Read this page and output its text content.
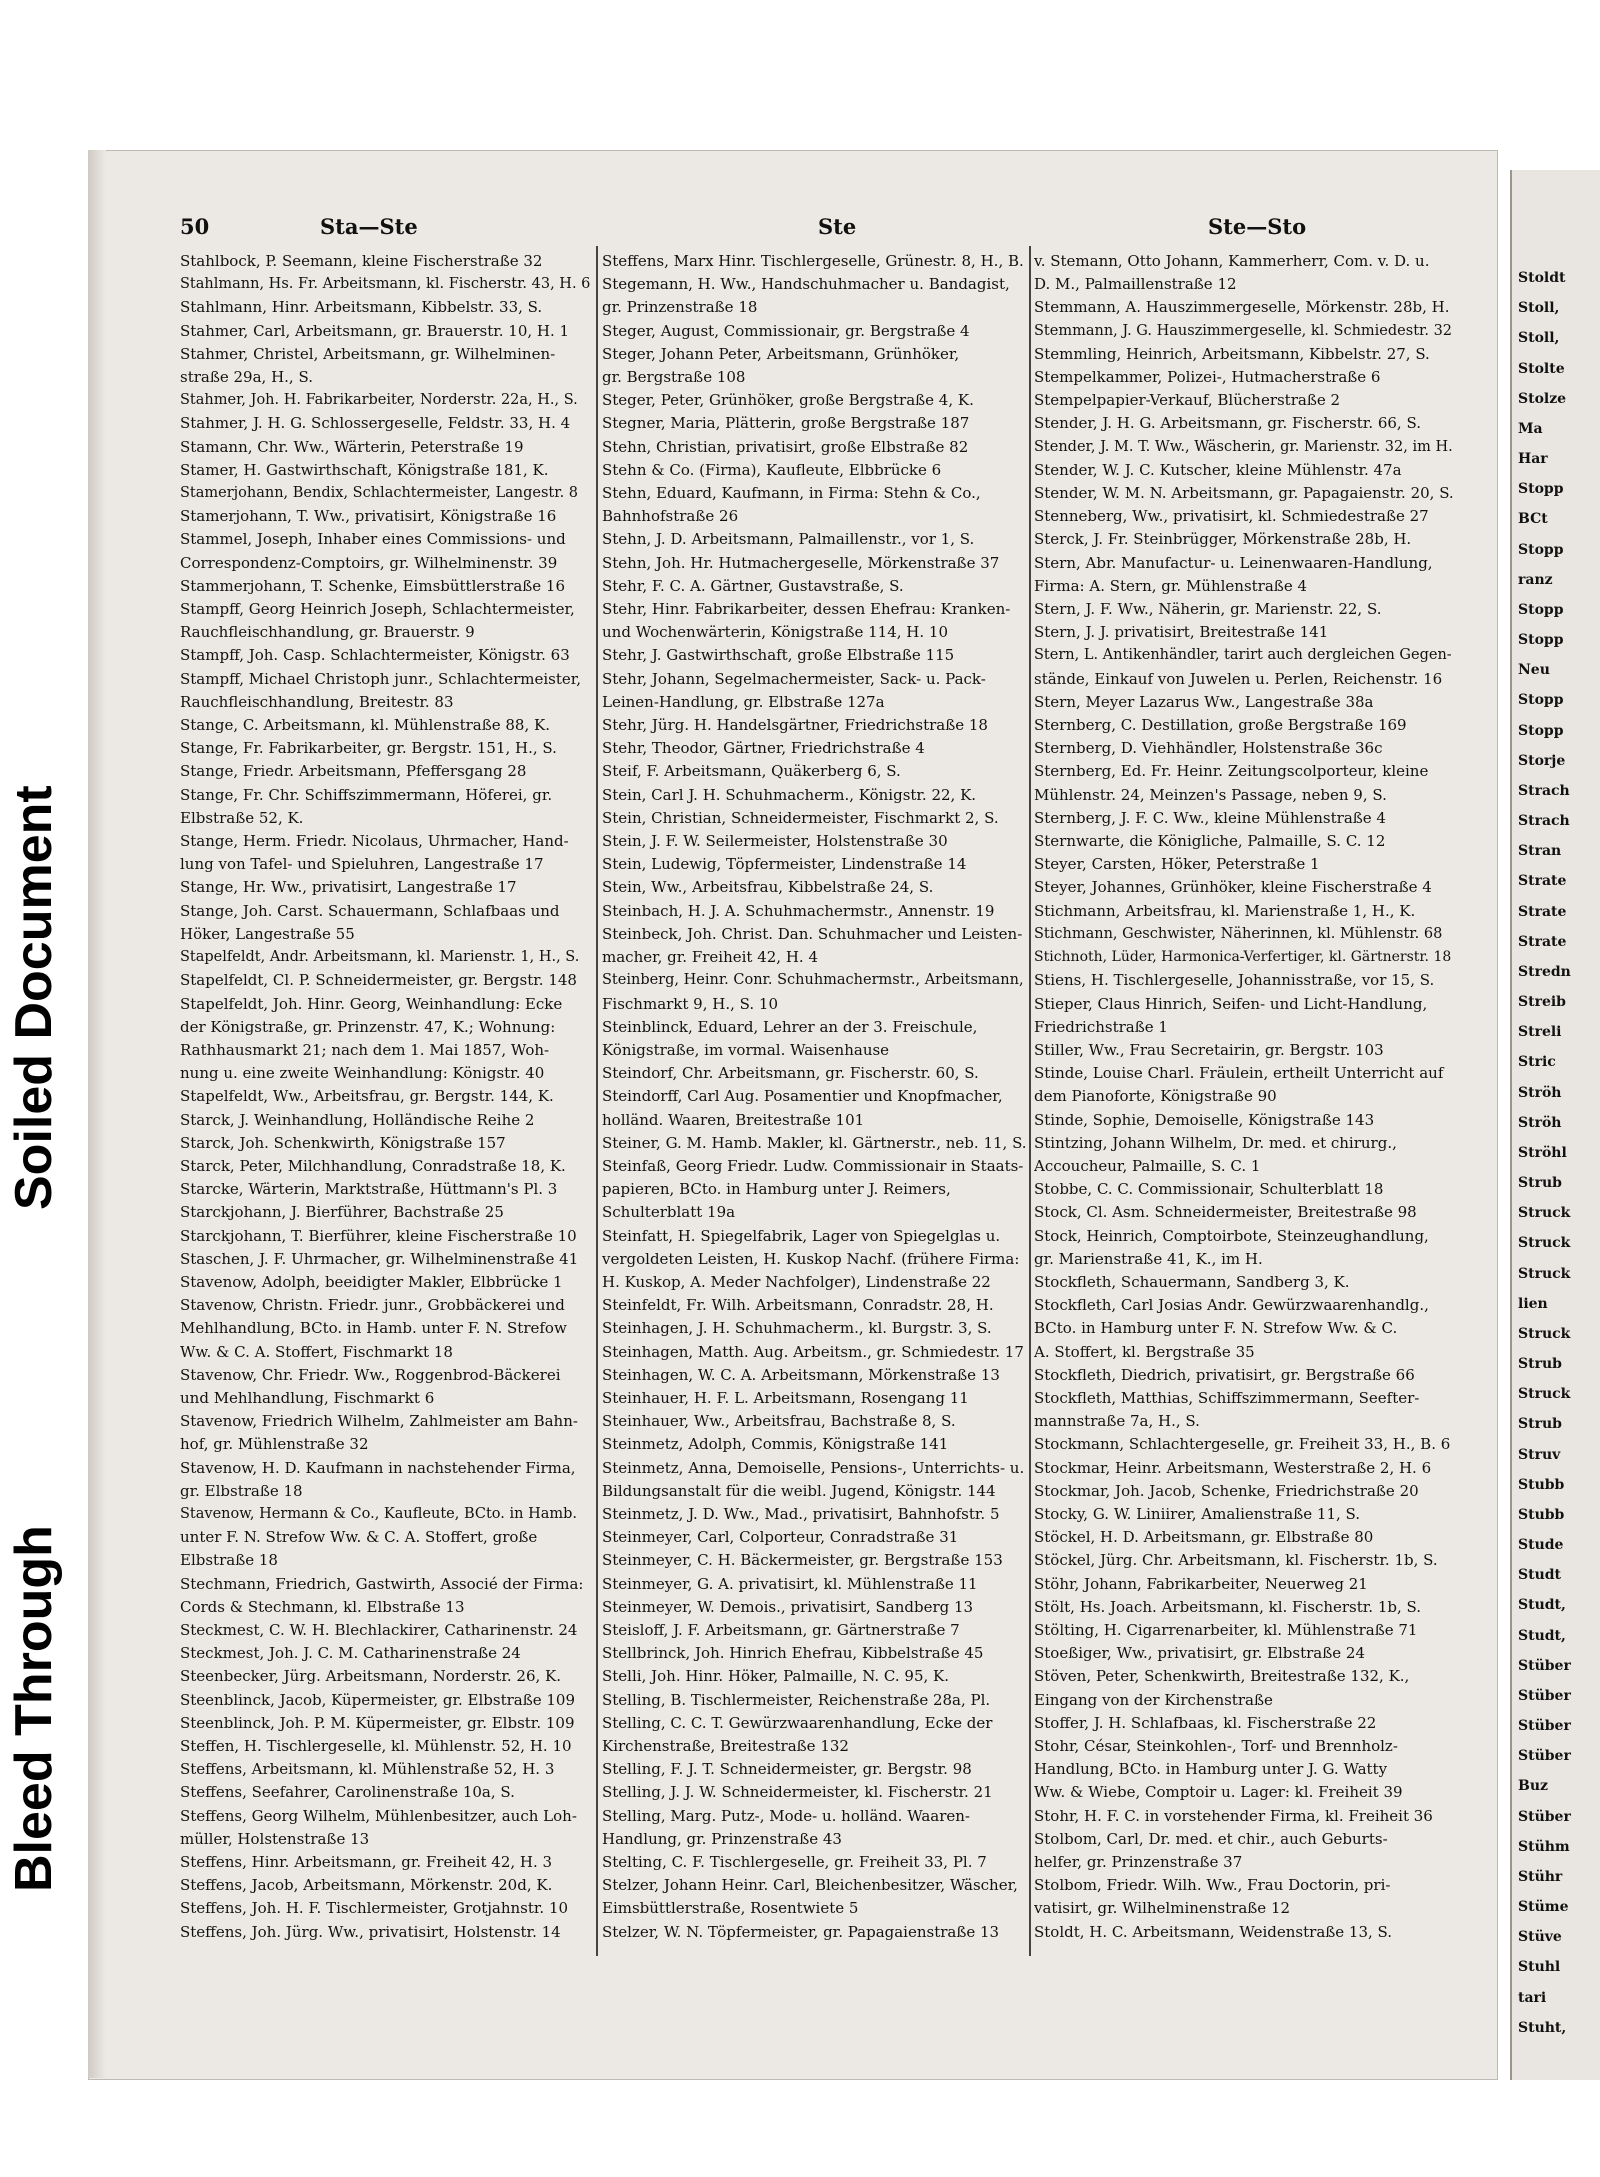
Stoldt
Stoll,
Stoll,
Stolte
Stolze
Ma
Har
Stopp
BCt
Stopp
ranz
Stopp
Stopp
Neu
Stopp
Stopp
Storje
Strach
Strach
Stran
Strate
Strate
Strate
Stredn
Streib
Streli
Stric
Ströh
Ströh
Ströhl
Strub
Struck
Struck
Struck
lien
Struck
Strub
Struck
Strub
Struv
Stubb
Stubb
Stude
Studt
Studt,
Studt,
Stüber
Stüber
Stüber
Stüber
Buz
Stüber
Stühm
Stühr
Stüme
Stüve
Stuhl
tari
Stuht,
Soiled Document
Bleed Through
50	Sta—Ste	Ste	Ste—Sto

Stahlbock, P. Seemann, kleine Fischerstraße 32

Stahlmann, Hs. Fr. Arbeitsmann, kl. Fischerstr. 43, H. 6

Stahlmann, Hinr. Arbeitsmann, Kibbelstr. 33, S.

Stahmer, Carl, Arbeitsmann, gr. Brauerstr. 10, H. 1

Stahmer, Christel, Arbeitsmann, gr. Wilhelminen-

straße 29a, H., S.

Stahmer, Joh. H. Fabrikarbeiter, Norderstr. 22a, H., S.

Stahmer, J. H. G. Schlossergeselle, Feldstr. 33, H. 4

Stamann, Chr. Ww., Wärterin, Peterstraße 19

Stamer, H. Gastwirthschaft, Königstraße 181, K.

Stamerjohann, Bendix, Schlachtermeister, Langestr. 8

Stamerjohann, T. Ww., privatisirt, Königstraße 16

Stammel, Joseph, Inhaber eines Commissions- und

Correspondenz-Comptoirs, gr. Wilhelminenstr. 39

Stammerjohann, T. Schenke, Eimsbüttlerstraße 16

Stampff, Georg Heinrich Joseph, Schlachtermeister,

Rauchfleischhandlung, gr. Brauerstr. 9

Stampff, Joh. Casp. Schlachtermeister, Königstr. 63

Stampff, Michael Christoph junr., Schlachtermeister,

Rauchfleischhandlung, Breitestr. 83

Stange, C. Arbeitsmann, kl. Mühlenstraße 88, K.

Stange, Fr. Fabrikarbeiter, gr. Bergstr. 151, H., S.

Stange, Friedr. Arbeitsmann, Pfeffersgang 28

Stange, Fr. Chr. Schiffszimmermann, Höferei, gr.

Elbstraße 52, K.

Stange, Herm. Friedr. Nicolaus, Uhrmacher, Hand-

lung von Tafel- und Spieluhren, Langestraße 17

Stange, Hr. Ww., privatisirt, Langestraße 17

Stange, Joh. Carst. Schauermann, Schlafbaas und

Höker, Langestraße 55

Stapelfeldt, Andr. Arbeitsmann, kl. Marienstr. 1, H., S.

Stapelfeldt, Cl. P. Schneidermeister, gr. Bergstr. 148

Stapelfeldt, Joh. Hinr. Georg, Weinhandlung: Ecke

der Königstraße, gr. Prinzenstr. 47, K.; Wohnung:

Rathhausmarkt 21; nach dem 1. Mai 1857, Woh-

nung u. eine zweite Weinhandlung: Königstr. 40

Stapelfeldt, Ww., Arbeitsfrau, gr. Bergstr. 144, K.

Starck, J. Weinhandlung, Holländische Reihe 2

Starck, Joh. Schenkwirth, Königstraße 157

Starck, Peter, Milchhandlung, Conradstraße 18, K.

Starcke, Wärterin, Marktstraße, Hüttmann's Pl. 3

Starckjohann, J. Bierführer, Bachstraße 25

Starckjohann, T. Bierführer, kleine Fischerstraße 10

Staschen, J. F. Uhrmacher, gr. Wilhelminenstraße 41

Stavenow, Adolph, beeidigter Makler, Elbbrücke 1

Stavenow, Christn. Friedr. junr., Grobbäckerei und

Mehlhandlung, BCto. in Hamb. unter F. N. Strefow

Ww. & C. A. Stoffert, Fischmarkt 18

Stavenow, Chr. Friedr. Ww., Roggenbrod-Bäckerei

und Mehlhandlung, Fischmarkt 6

Stavenow, Friedrich Wilhelm, Zahlmeister am Bahn-

hof, gr. Mühlenstraße 32

Stavenow, H. D. Kaufmann in nachstehender Firma,

gr. Elbstraße 18

Stavenow, Hermann & Co., Kaufleute, BCto. in Hamb.

unter F. N. Strefow Ww. & C. A. Stoffert, große

Elbstraße 18

Stechmann, Friedrich, Gastwirth, Associé der Firma:

Cords & Stechmann, kl. Elbstraße 13

Steckmest, C. W. H. Blechlackirer, Catharinenstr. 24

Steckmest, Joh. J. C. M. Catharinenstraße 24

Steenbecker, Jürg. Arbeitsmann, Norderstr. 26, K.

Steenblinck, Jacob, Küpermeister, gr. Elbstraße 109

Steenblinck, Joh. P. M. Küpermeister, gr. Elbstr. 109

Steffen, H. Tischlergeselle, kl. Mühlenstr. 52, H. 10

Steffens, Arbeitsmann, kl. Mühlenstraße 52, H. 3

Steffens, Seefahrer, Carolinenstraße 10a, S.

Steffens, Georg Wilhelm, Mühlenbesitzer, auch Loh-

müller, Holstenstraße 13

Steffens, Hinr. Arbeitsmann, gr. Freiheit 42, H. 3

Steffens, Jacob, Arbeitsmann, Mörkenstr. 20d, K.

Steffens, Joh. H. F. Tischlermeister, Grotjahnstr. 10

Steffens, Joh. Jürg. Ww., privatisirt, Holstenstr. 14

Steffens, Marx Hinr. Tischlergeselle, Grünestr. 8, H., B.

Stegemann, H. Ww., Handschuhmacher u. Bandagist,

gr. Prinzenstraße 18

Steger, August, Commissionair, gr. Bergstraße 4

Steger, Johann Peter, Arbeitsmann, Grünhöker,

gr. Bergstraße 108

Steger, Peter, Grünhöker, große Bergstraße 4, K.

Stegner, Maria, Plätterin, große Bergstraße 187

Stehn, Christian, privatisirt, große Elbstraße 82

Stehn & Co. (Firma), Kaufleute, Elbbrücke 6

Stehn, Eduard, Kaufmann, in Firma: Stehn & Co.,

Bahnhofstraße 26

Stehn, J. D. Arbeitsmann, Palmaillenstr., vor 1, S.

Stehn, Joh. Hr. Hutmachergeselle, Mörkenstraße 37

Stehr, F. C. A. Gärtner, Gustavstraße, S.

Stehr, Hinr. Fabrikarbeiter, dessen Ehefrau: Kranken-

und Wochenwärterin, Königstraße 114, H. 10

Stehr, J. Gastwirthschaft, große Elbstraße 115

Stehr, Johann, Segelmachermeister, Sack- u. Pack-

Leinen-Handlung, gr. Elbstraße 127a

Stehr, Jürg. H. Handelsgärtner, Friedrichstraße 18

Stehr, Theodor, Gärtner, Friedrichstraße 4

Steif, F. Arbeitsmann, Quäkerberg 6, S.

Stein, Carl J. H. Schuhmacherm., Königstr. 22, K.

Stein, Christian, Schneidermeister, Fischmarkt 2, S.

Stein, J. F. W. Seilermeister, Holstenstraße 30

Stein, Ludewig, Töpfermeister, Lindenstraße 14

Stein, Ww., Arbeitsfrau, Kibbelstraße 24, S.

Steinbach, H. J. A. Schuhmachermstr., Annenstr. 19

Steinbeck, Joh. Christ. Dan. Schuhmacher und Leisten-

macher, gr. Freiheit 42, H. 4

Steinberg, Heinr. Conr. Schuhmachermstr., Arbeitsmann,

Fischmarkt 9, H., S. 10

Steinblinck, Eduard, Lehrer an der 3. Freischule,

Königstraße, im vormal. Waisenhause

Steindorf, Chr. Arbeitsmann, gr. Fischerstr. 60, S.

Steindorff, Carl Aug. Posamentier und Knopfmacher,

holländ. Waaren, Breitestraße 101

Steiner, G. M. Hamb. Makler, kl. Gärtnerstr., neb. 11, S.

Steinfaß, Georg Friedr. Ludw. Commissionair in Staats-

papieren, BCto. in Hamburg unter J. Reimers,

Schulterblatt 19a

Steinfatt, H. Spiegelfabrik, Lager von Spiegelglas u.

vergoldeten Leisten, H. Kuskop Nachf. (frühere Firma:

H. Kuskop, A. Meder Nachfolger), Lindenstraße 22

Steinfeldt, Fr. Wilh. Arbeitsmann, Conradstr. 28, H.

Steinhagen, J. H. Schuhmacherm., kl. Burgstr. 3, S.

Steinhagen, Matth. Aug. Arbeitsm., gr. Schmiedestr. 17

Steinhagen, W. C. A. Arbeitsmann, Mörkenstraße 13

Steinhauer, H. F. L. Arbeitsmann, Rosengang 11

Steinhauer, Ww., Arbeitsfrau, Bachstraße 8, S.

Steinmetz, Adolph, Commis, Königstraße 141

Steinmetz, Anna, Demoiselle, Pensions-, Unterrichts- u.

Bildungsanstalt für die weibl. Jugend, Königstr. 144

Steinmetz, J. D. Ww., Mad., privatisirt, Bahnhofstr. 5

Steinmeyer, Carl, Colporteur, Conradstraße 31

Steinmeyer, C. H. Bäckermeister, gr. Bergstraße 153

Steinmeyer, G. A. privatisirt, kl. Mühlenstraße 11

Steinmeyer, W. Demois., privatisirt, Sandberg 13

Steisloff, J. F. Arbeitsmann, gr. Gärtnerstraße 7

Stellbrinck, Joh. Hinrich Ehefrau, Kibbelstraße 45

Stelli, Joh. Hinr. Höker, Palmaille, N. C. 95, K.

Stelling, B. Tischlermeister, Reichenstraße 28a, Pl.

Stelling, C. C. T. Gewürzwaarenhandlung, Ecke der

Kirchenstraße, Breitestraße 132

Stelling, F. J. T. Schneidermeister, gr. Bergstr. 98

Stelling, J. J. W. Schneidermeister, kl. Fischerstr. 21

Stelling, Marg. Putz-, Mode- u. holländ. Waaren-

Handlung, gr. Prinzenstraße 43

Stelting, C. F. Tischlergeselle, gr. Freiheit 33, Pl. 7

Stelzer, Johann Heinr. Carl, Bleichenbesitzer, Wäscher,

Eimsbüttlerstraße, Rosentwiete 5

Stelzer, W. N. Töpfermeister, gr. Papagaienstraße 13

v. Stemann, Otto Johann, Kammerherr, Com. v. D. u.

D. M., Palmaillenstraße 12

Stemmann, A. Hauszimmergeselle, Mörkenstr. 28b, H.

Stemmann, J. G. Hauszimmergeselle, kl. Schmiedestr. 32

Stemmling, Heinrich, Arbeitsmann, Kibbelstr. 27, S.

Stempelkammer, Polizei-, Hutmacherstraße 6

Stempelpapier-Verkauf, Blücherstraße 2

Stender, J. H. G. Arbeitsmann, gr. Fischerstr. 66, S.

Stender, J. M. T. Ww., Wäscherin, gr. Marienstr. 32, im H.

Stender, W. J. C. Kutscher, kleine Mühlenstr. 47a

Stender, W. M. N. Arbeitsmann, gr. Papagaienstr. 20, S.

Stenneberg, Ww., privatisirt, kl. Schmiedestraße 27

Sterck, J. Fr. Steinbrügger, Mörkenstraße 28b, H.

Stern, Abr. Manufactur- u. Leinenwaaren-Handlung,

Firma: A. Stern, gr. Mühlenstraße 4

Stern, J. F. Ww., Näherin, gr. Marienstr. 22, S.

Stern, J. J. privatisirt, Breitestraße 141

Stern, L. Antikenhändler, tarirt auch dergleichen Gegen-

stände, Einkauf von Juwelen u. Perlen, Reichenstr. 16

Stern, Meyer Lazarus Ww., Langestraße 38a

Sternberg, C. Destillation, große Bergstraße 169

Sternberg, D. Viehhändler, Holstenstraße 36c

Sternberg, Ed. Fr. Heinr. Zeitungscolporteur, kleine

Mühlenstr. 24, Meinzen's Passage, neben 9, S.

Sternberg, J. F. C. Ww., kleine Mühlenstraße 4

Sternwarte, die Königliche, Palmaille, S. C. 12

Steyer, Carsten, Höker, Peterstraße 1

Steyer, Johannes, Grünhöker, kleine Fischerstraße 4

Stichmann, Arbeitsfrau, kl. Marienstraße 1, H., K.

Stichmann, Geschwister, Näherinnen, kl. Mühlenstr. 68

Stichnoth, Lüder, Harmonica-Verfertiger, kl. Gärtnerstr. 18

Stiens, H. Tischlergeselle, Johannisstraße, vor 15, S.

Stieper, Claus Hinrich, Seifen- und Licht-Handlung,

Friedrichstraße 1

Stiller, Ww., Frau Secretairin, gr. Bergstr. 103

Stinde, Louise Charl. Fräulein, ertheilt Unterricht auf

dem Pianoforte, Königstraße 90

Stinde, Sophie, Demoiselle, Königstraße 143

Stintzing, Johann Wilhelm, Dr. med. et chirurg.,

Accoucheur, Palmaille, S. C. 1

Stobbe, C. C. Commissionair, Schulterblatt 18

Stock, Cl. Asm. Schneidermeister, Breitestraße 98

Stock, Heinrich, Comptoirbote, Steinzeughandlung,

gr. Marienstraße 41, K., im H.

Stockfleth, Schauermann, Sandberg 3, K.

Stockfleth, Carl Josias Andr. Gewürzwaarenhandlg.,

BCto. in Hamburg unter F. N. Strefow Ww. & C.

A. Stoffert, kl. Bergstraße 35

Stockfleth, Diedrich, privatisirt, gr. Bergstraße 66

Stockfleth, Matthias, Schiffszimmermann, Seefter-

mannstraße 7a, H., S.

Stockmann, Schlachtergeselle, gr. Freiheit 33, H., B. 6

Stockmar, Heinr. Arbeitsmann, Westerstraße 2, H. 6

Stockmar, Joh. Jacob, Schenke, Friedrichstraße 20

Stocky, G. W. Liniirer, Amalienstraße 11, S.

Stöckel, H. D. Arbeitsmann, gr. Elbstraße 80

Stöckel, Jürg. Chr. Arbeitsmann, kl. Fischerstr. 1b, S.

Stöhr, Johann, Fabrikarbeiter, Neuerweg 21

Stölt, Hs. Joach. Arbeitsmann, kl. Fischerstr. 1b, S.

Stölting, H. Cigarrenarbeiter, kl. Mühlenstraße 71

Stoeßiger, Ww., privatisirt, gr. Elbstraße 24

Stöven, Peter, Schenkwirth, Breitestraße 132, K.,

Eingang von der Kirchenstraße

Stoffer, J. H. Schlafbaas, kl. Fischerstraße 22

Stohr, César, Steinkohlen-, Torf- und Brennholz-

Handlung, BCto. in Hamburg unter J. G. Watty

Ww. & Wiebe, Comptoir u. Lager: kl. Freiheit 39

Stohr, H. F. C. in vorstehender Firma, kl. Freiheit 36

Stolbom, Carl, Dr. med. et chir., auch Geburts-

helfer, gr. Prinzenstraße 37

Stolbom, Friedr. Wilh. Ww., Frau Doctorin, pri-

vatisirt, gr. Wilhelminenstraße 12

Stoldt, H. C. Arbeitsmann, Weidenstraße 13, S.
